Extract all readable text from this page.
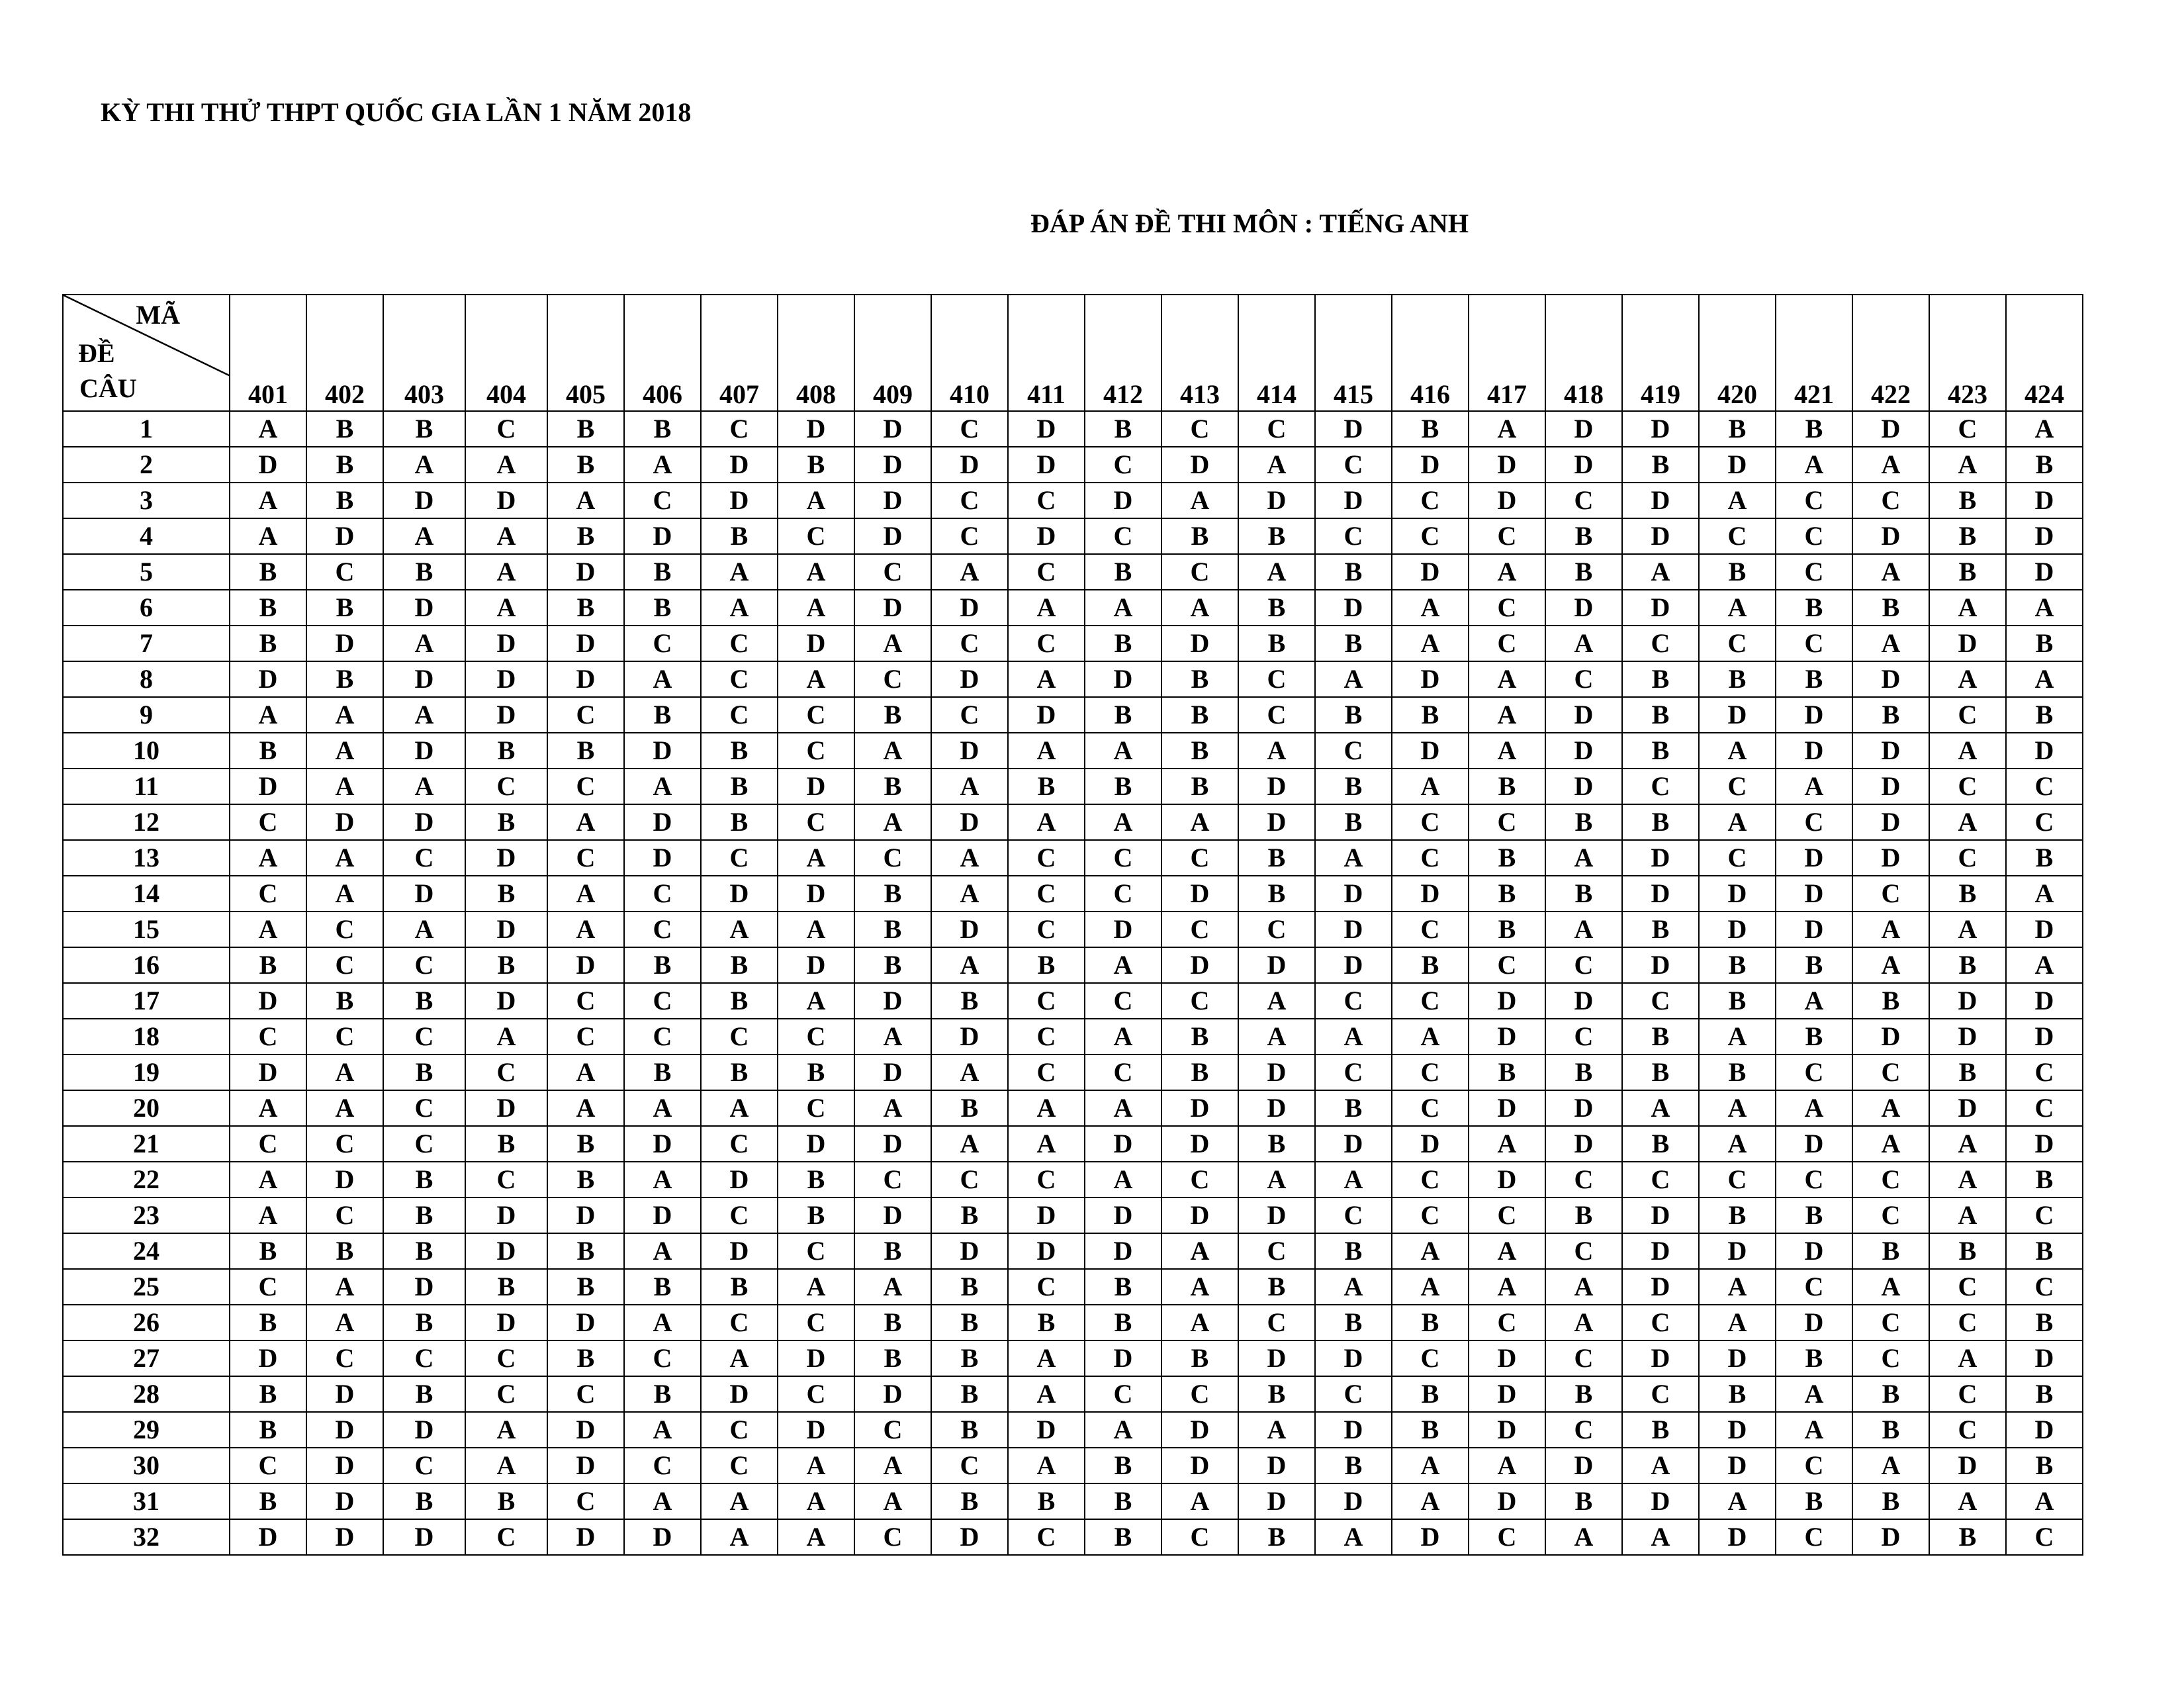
KỲ THI THỬ THPT QUỐC GIA LẦN 1 NĂM 2018
ĐÁP ÁN ĐỀ THI MÔN : TIẾNG ANH
MÃ
ĐỀ
CÂU	401	402	403	404	405	406	407	408	409	410	411	412	413	414	415	416	417	418	419	420	421	422	423	424
1	A	B	B	C	B	B	C	D	D	C	D	B	C	C	D	B	A	D	D	B	B	D	C	A
2	D	B	A	A	B	A	D	B	D	D	D	C	D	A	C	D	D	D	B	D	A	A	A	B
3	A	B	D	D	A	C	D	A	D	C	C	D	A	D	D	C	D	C	D	A	C	C	B	D
4	A	D	A	A	B	D	B	C	D	C	D	C	B	B	C	C	C	B	D	C	C	D	B	D
5	B	C	B	A	D	B	A	A	C	A	C	B	C	A	B	D	A	B	A	B	C	A	B	D
6	B	B	D	A	B	B	A	A	D	D	A	A	A	B	D	A	C	D	D	A	B	B	A	A
7	B	D	A	D	D	C	C	D	A	C	C	B	D	B	B	A	C	A	C	C	C	A	D	B
8	D	B	D	D	D	A	C	A	C	D	A	D	B	C	A	D	A	C	B	B	B	D	A	A
9	A	A	A	D	C	B	C	C	B	C	D	B	B	C	B	B	A	D	B	D	D	B	C	B
10	B	A	D	B	B	D	B	C	A	D	A	A	B	A	C	D	A	D	B	A	D	D	A	D
11	D	A	A	C	C	A	B	D	B	A	B	B	B	D	B	A	B	D	C	C	A	D	C	C
12	C	D	D	B	A	D	B	C	A	D	A	A	A	D	B	C	C	B	B	A	C	D	A	C
13	A	A	C	D	C	D	C	A	C	A	C	C	C	B	A	C	B	A	D	C	D	D	C	B
14	C	A	D	B	A	C	D	D	B	A	C	C	D	B	D	D	B	B	D	D	D	C	B	A
15	A	C	A	D	A	C	A	A	B	D	C	D	C	C	D	C	B	A	B	D	D	A	A	D
16	B	C	C	B	D	B	B	D	B	A	B	A	D	D	D	B	C	C	D	B	B	A	B	A
17	D	B	B	D	C	C	B	A	D	B	C	C	C	A	C	C	D	D	C	B	A	B	D	D
18	C	C	C	A	C	C	C	C	A	D	C	A	B	A	A	A	D	C	B	A	B	D	D	D
19	D	A	B	C	A	B	B	B	D	A	C	C	B	D	C	C	B	B	B	B	C	C	B	C
20	A	A	C	D	A	A	A	C	A	B	A	A	D	D	B	C	D	D	A	A	A	A	D	C
21	C	C	C	B	B	D	C	D	D	A	A	D	D	B	D	D	A	D	B	A	D	A	A	D
22	A	D	B	C	B	A	D	B	C	C	C	A	C	A	A	C	D	C	C	C	C	C	A	B
23	A	C	B	D	D	D	C	B	D	B	D	D	D	D	C	C	C	B	D	B	B	C	A	C
24	B	B	B	D	B	A	D	C	B	D	D	D	A	C	B	A	A	C	D	D	D	B	B	B
25	C	A	D	B	B	B	B	A	A	B	C	B	A	B	A	A	A	A	D	A	C	A	C	C
26	B	A	B	D	D	A	C	C	B	B	B	B	A	C	B	B	C	A	C	A	D	C	C	B
27	D	C	C	C	B	C	A	D	B	B	A	D	B	D	D	C	D	C	D	D	B	C	A	D
28	B	D	B	C	C	B	D	C	D	B	A	C	C	B	C	B	D	B	C	B	A	B	C	B
29	B	D	D	A	D	A	C	D	C	B	D	A	D	A	D	B	D	C	B	D	A	B	C	D
30	C	D	C	A	D	C	C	A	A	C	A	B	D	D	B	A	A	D	A	D	C	A	D	B
31	B	D	B	B	C	A	A	A	A	B	B	B	A	D	D	A	D	B	D	A	B	B	A	A
32	D	D	D	C	D	D	A	A	C	D	C	B	C	B	A	D	C	A	A	D	C	D	B	C
